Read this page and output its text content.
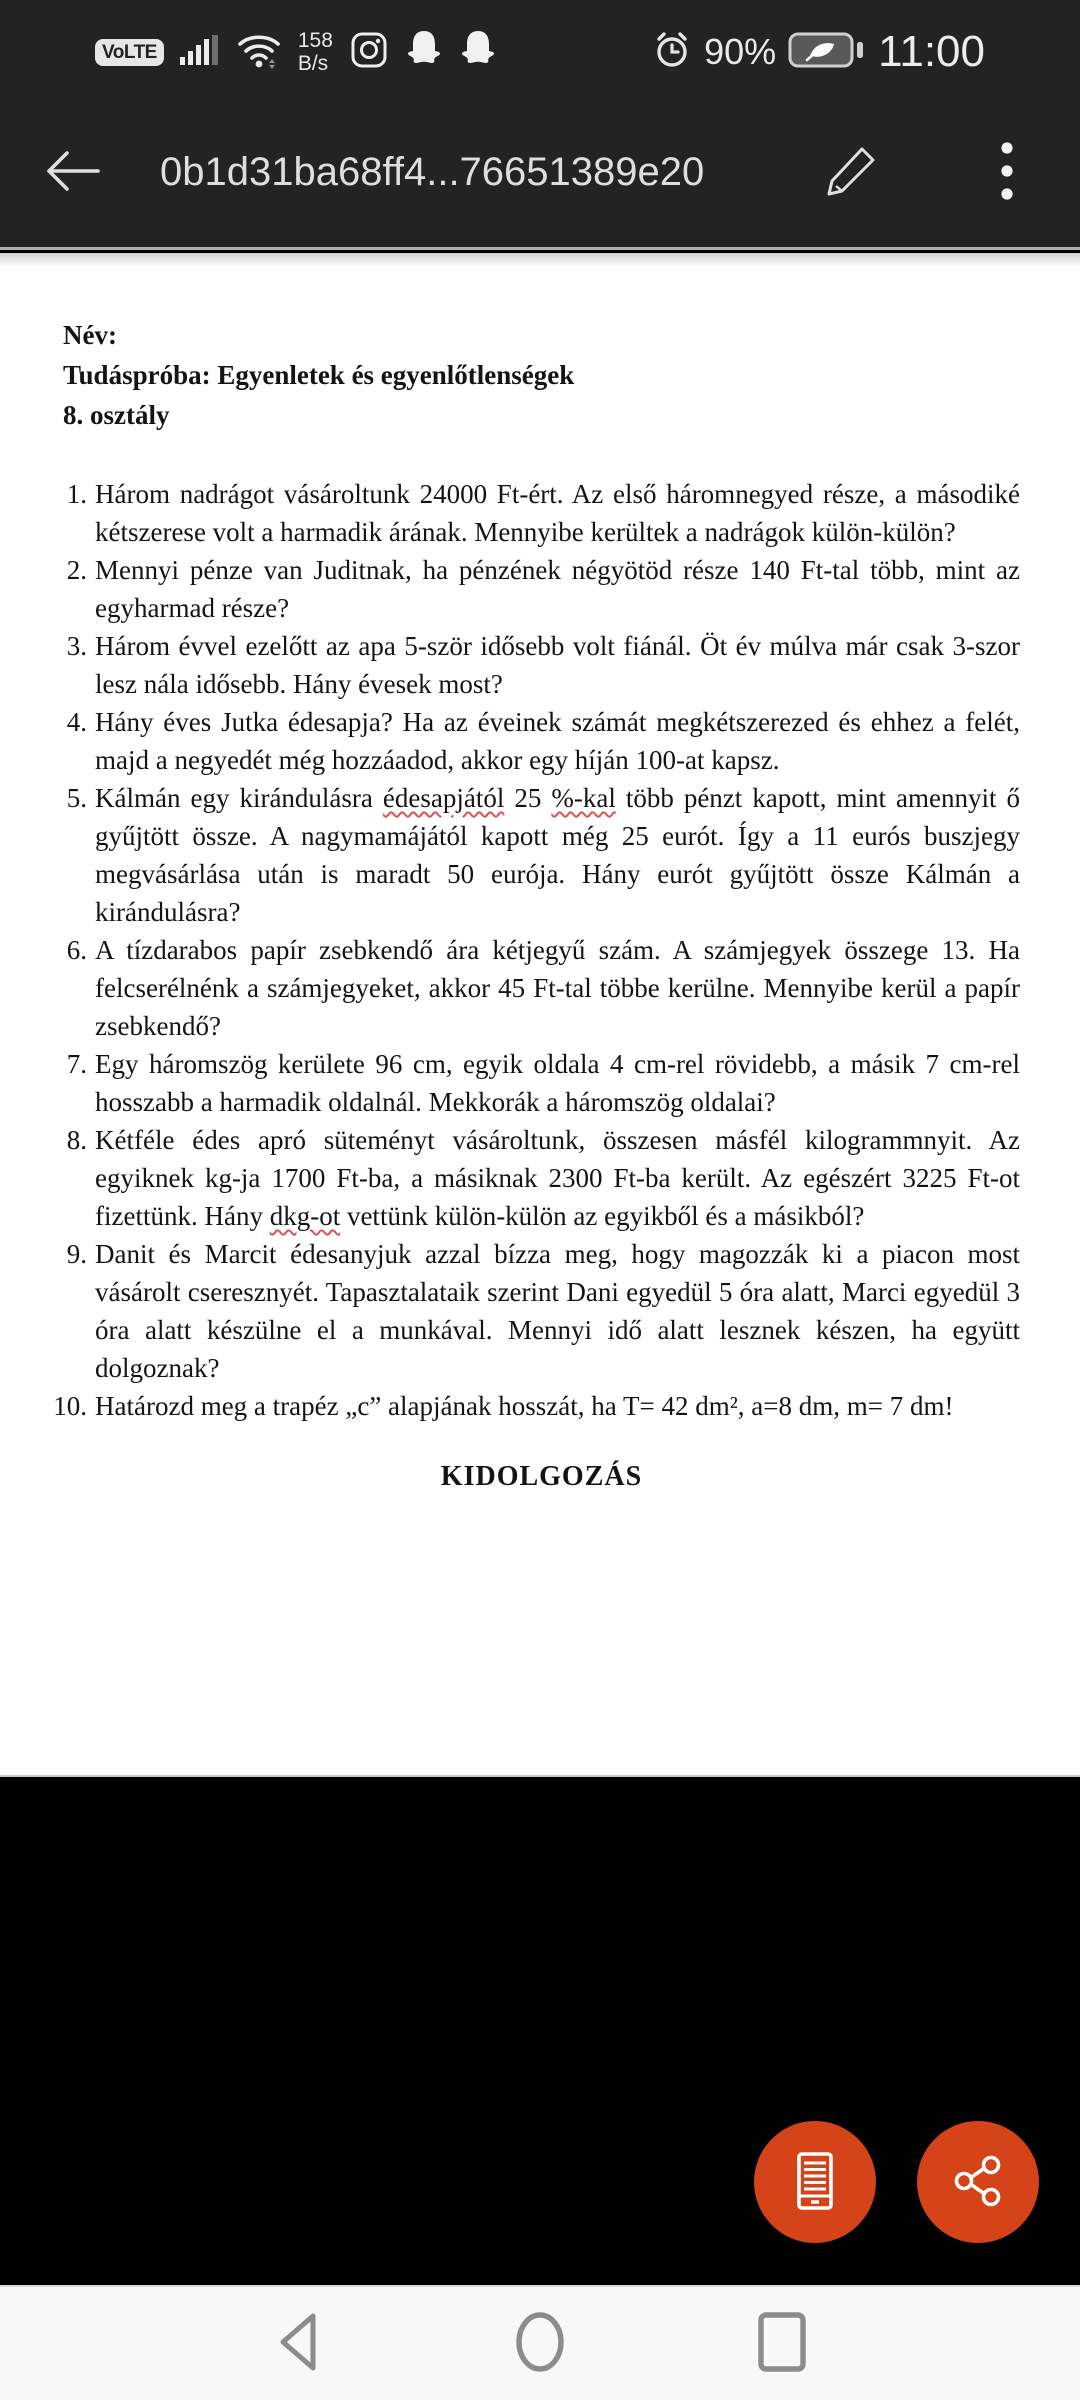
VoLTE	158
B/s	90% 11:00
0b1d31ba68ff4...76651389e20

Név:

Tudáspróba: Egyenletek és egyenlőtlenségek

8. osztály

1. Három nadrágot vásároltunk 24000 Ft-ért. Az első háromnegyed része, a másodiké kétszerese volt a harmadik árának. Mennyibe kerültek a nadrágok külön-külön?
2. Mennyi pénze van Juditnak, ha pénzének négyötöd része 140 Ft-tal több, mint az egyharmad része?
3. Három évvel ezelőtt az apa 5-ször idősebb volt fiánál. Öt év múlva már csak 3-szor lesz nála idősebb. Hány évesek most?
4. Hány éves Jutka édesapja? Ha az éveinek számát megkétszerezed és ehhez a felét, majd a negyedét még hozzáadod, akkor egy híján 100-at kapsz.
5. Kálmán egy kirándulásra édesapjától 25 %-kal több pénzt kapott, mint amennyit ő gyűjtött össze. A nagymamájától kapott még 25 eurót. Így a 11 eurós buszjegy megvásárlása után is maradt 50 eurója. Hány eurót gyűjtött össze Kálmán a kirándulásra?
6. A tízdarabos papír zsebkendő ára kétjegyű szám. A számjegyek összege 13. Ha felcserélnénk a számjegyeket, akkor 45 Ft-tal többe kerülne. Mennyibe kerül a papír zsebkendő?
7. Egy háromszög kerülete 96 cm, egyik oldala 4 cm-rel rövidebb, a másik 7 cm-rel hosszabb a harmadik oldalnál. Mekkorák a háromszög oldalai?
8. Kétféle édes apró süteményt vásároltunk, összesen másfél kilogrammnyit. Az egyiknek kg-ja 1700 Ft-ba, a másiknak 2300 Ft-ba került. Az egészért 3225 Ft-ot fizettünk. Hány dkg-ot vettünk külön-külön az egyikből és a másikból?
9. Danit és Marcit édesanyjuk azzal bízza meg, hogy magozzák ki a piacon most vásárolt cseresznyét. Tapasztalataik szerint Dani egyedül 5 óra alatt, Marci egyedül 3 óra alatt készülne el a munkával. Mennyi idő alatt lesznek készen, ha együtt dolgoznak?
10. Határozd meg a trapéz „c” alapjának hosszát, ha T= 42 dm², a=8 dm, m= 7 dm!
KIDOLGOZÁS
